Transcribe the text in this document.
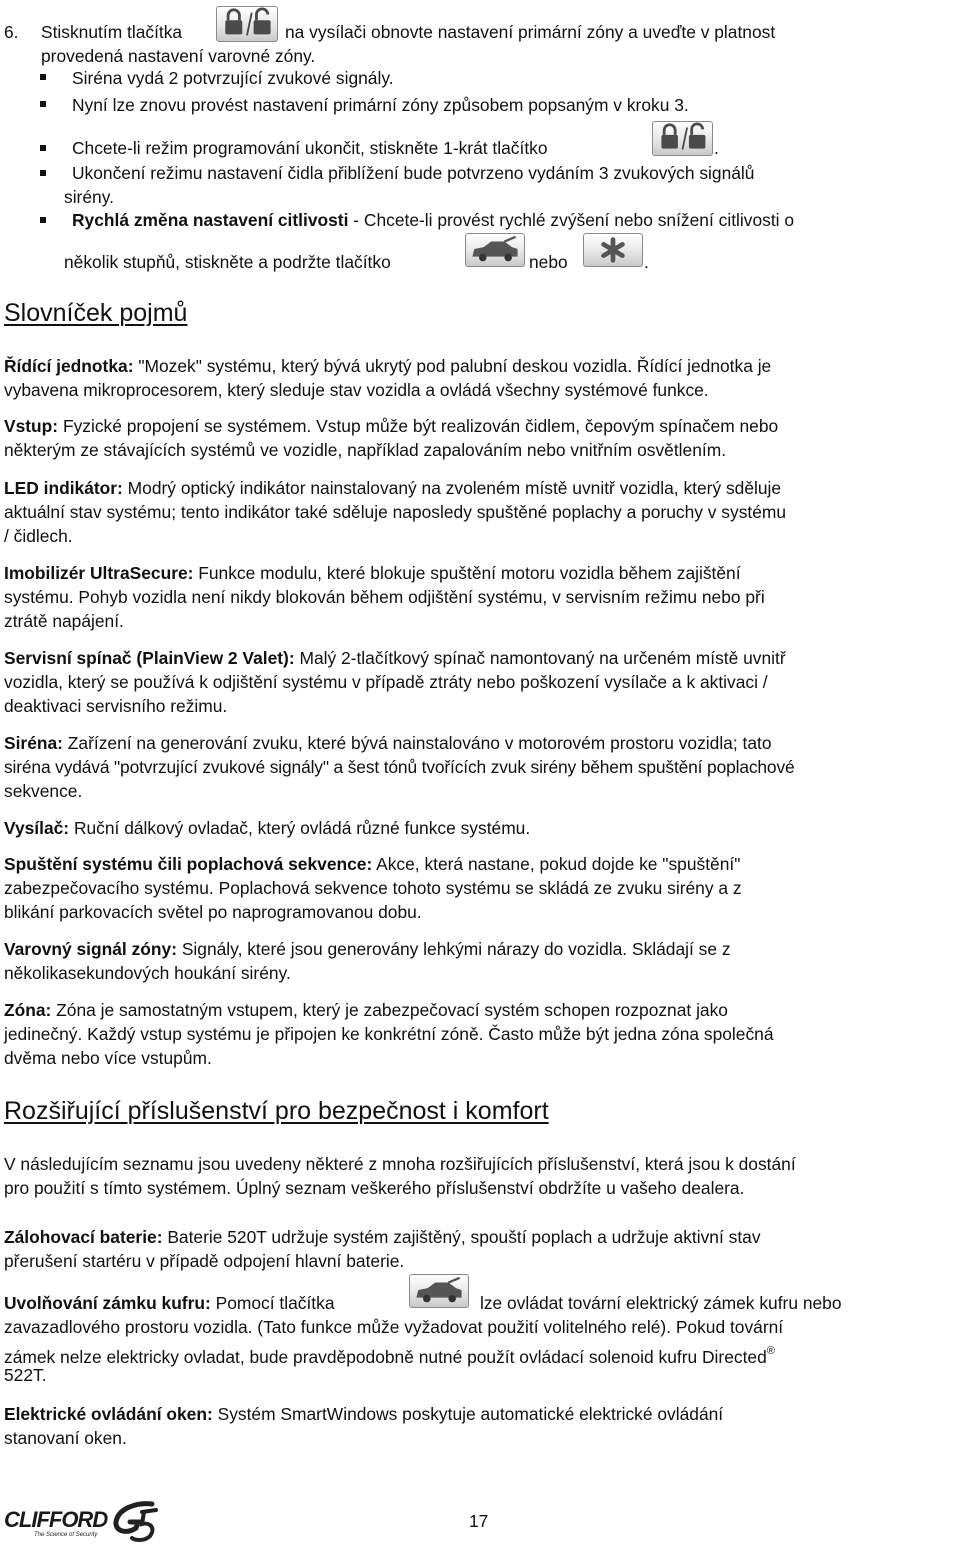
6. Stisknutím tlačítka	na vysílači obnovte nastavení primární zóny a uveďte v platnost
provedená nastavení varovné zóny.
Siréna vydá 2 potvrzující zvukové signály.
Nyní lze znovu provést nastavení primární zóny způsobem popsaným v kroku 3.
Chcete-li režim programování ukončit, stiskněte 1-krát tlačítko	.
Ukončení režimu nastavení čidla přiblížení bude potvrzeno vydáním 3 zvukových signálů
sirény.
Rychlá změna nastavení citlivosti - Chcete-li provést rychlé zvýšení nebo snížení citlivosti o
několik stupňů, stiskněte a podržte tlačítko	nebo	.
Slovníček pojmů
Řídící jednotka: "Mozek" systému, který bývá ukrytý pod palubní deskou vozidla. Řídící jednotka je
vybavena mikroprocesorem, který sleduje stav vozidla a ovládá všechny systémové funkce.
Vstup: Fyzické propojení se systémem. Vstup může být realizován čidlem, čepovým spínačem nebo
některým ze stávajících systémů ve vozidle, například zapalováním nebo vnitřním osvětlením.
LED indikátor: Modrý optický indikátor nainstalovaný na zvoleném místě uvnitř vozidla, který sděluje
aktuální stav systému; tento indikátor také sděluje naposledy spuštěné poplachy a poruchy v systému
/ čidlech.
Imobilizér UltraSecure: Funkce modulu, které blokuje spuštění motoru vozidla během zajištění
systému. Pohyb vozidla není nikdy blokován během odjištění systému, v servisním režimu nebo při
ztrátě napájení.
Servisní spínač (PlainView 2 Valet): Malý 2-tlačítkový spínač namontovaný na určeném místě uvnitř
vozidla, který se používá k odjištění systému v případě ztráty nebo poškození vysílače a k aktivaci /
deaktivaci servisního režimu.
Siréna: Zařízení na generování zvuku, které bývá nainstalováno v motorovém prostoru vozidla; tato
siréna vydává "potvrzující zvukové signály" a šest tónů tvořících zvuk sirény během spuštění poplachové
sekvence.
Vysílač: Ruční dálkový ovladač, který ovládá různé funkce systému.
Spuštění systému čili poplachová sekvence: Akce, která nastane, pokud dojde ke "spuštění"
zabezpečovacího systému. Poplachová sekvence tohoto systému se skládá ze zvuku sirény a z
blikání parkovacích světel po naprogramovanou dobu.
Varovný signál zóny: Signály, které jsou generovány lehkými nárazy do vozidla. Skládají se z
několikasekundových houkání sirény.
Zóna: Zóna je samostatným vstupem, který je zabezpečovací systém schopen rozpoznat jako
jedinečný. Každý vstup systému je připojen ke konkrétní zóně. Často může být jedna zóna společná
dvěma nebo více vstupům.
Rozšiřující příslušenství pro bezpečnost i komfort
V následujícím seznamu jsou uvedeny některé z mnoha rozšiřujících příslušenství, která jsou k dostání
pro použití s tímto systémem. Úplný seznam veškerého příslušenství obdržíte u vašeho dealera.
Zálohovací baterie: Baterie 520T udržuje systém zajištěný, spouští poplach a udržuje aktivní stav
přerušení startéru v případě odpojení hlavní baterie.
Uvolňování zámku kufru: Pomocí tlačítka	lze ovládat tovární elektrický zámek kufru nebo
zavazadlového prostoru vozidla. (Tato funkce může vyžadovat použití volitelného relé). Pokud tovární
zámek nelze elektricky ovladat, bude pravděpodobně nutné použít ovládací solenoid kufru Directed®
522T.
Elektrické ovládání oken: Systém SmartWindows poskytuje automatické elektrické ovládání
stanovaní oken.
CLIFFORD
The Science of Security
17
